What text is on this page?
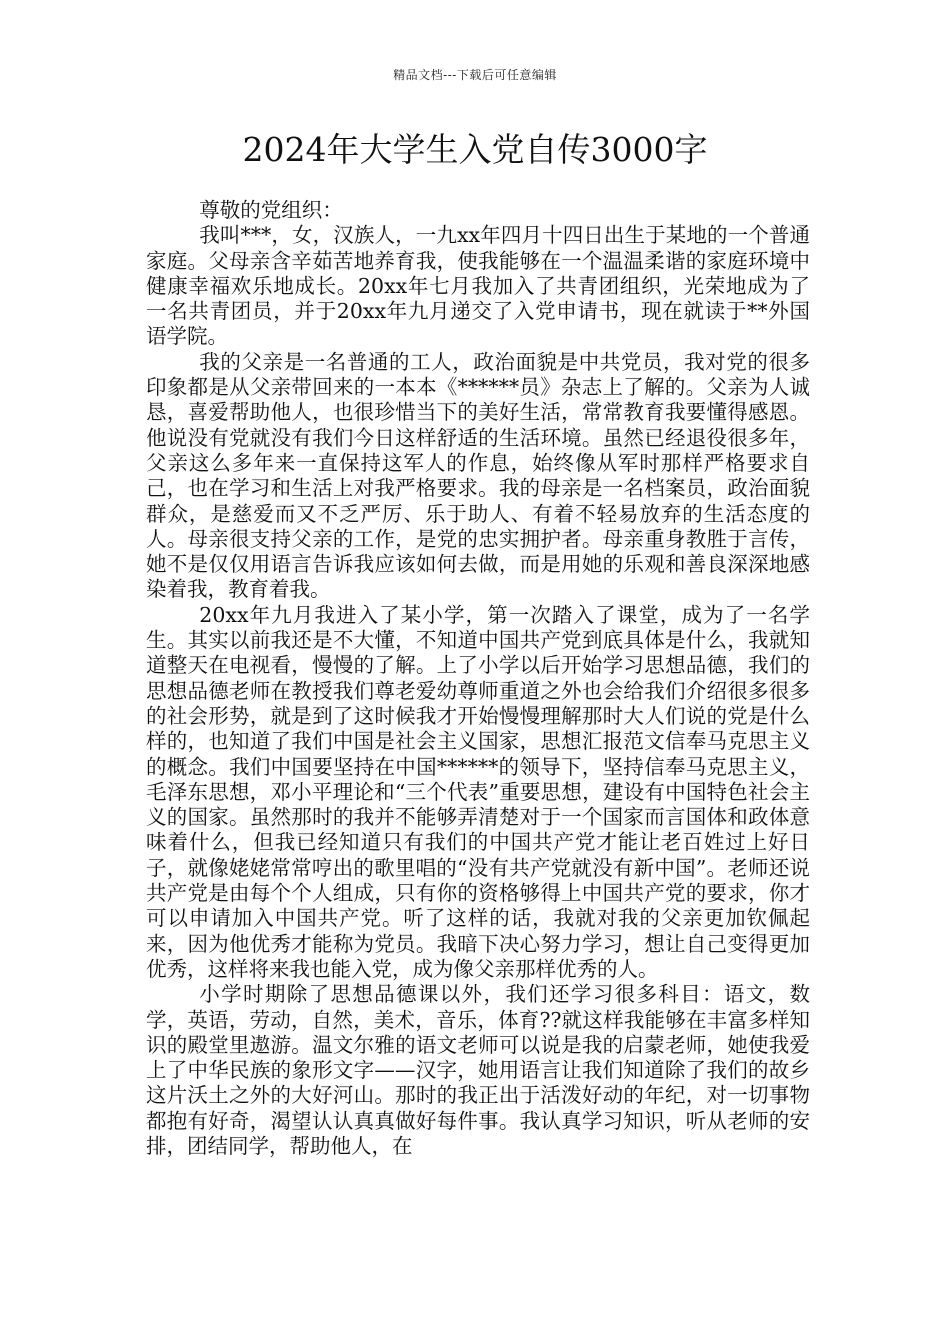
精品文档---下载后可任意编辑
2024年大学生入党自传3000字

尊敬的党组织：

我叫***，女，汉族人，一九xx年四月十四日出生于某地的一个普通家庭。父母亲含辛茹苦地养育我，使我能够在一个温温柔谐的家庭环境中健康幸福欢乐地成长。20xx年七月我加入了共青团组织，光荣地成为了一名共青团员，并于20xx年九月递交了入党申请书，现在就读于**外国语学院。

我的父亲是一名普通的工人，政治面貌是中共党员，我对党的很多印象都是从父亲带回来的一本本《******员》杂志上了解的。父亲为人诚恳，喜爱帮助他人，也很珍惜当下的美好生活，常常教育我要懂得感恩。他说没有党就没有我们今日这样舒适的生活环境。虽然已经退役很多年，父亲这么多年来一直保持这军人的作息，始终像从军时那样严格要求自己，也在学习和生活上对我严格要求。我的母亲是一名档案员，政治面貌群众，是慈爱而又不乏严厉、乐于助人、有着不轻易放弃的生活态度的人。母亲很支持父亲的工作，是党的忠实拥护者。母亲重身教胜于言传，她不是仅仅用语言告诉我应该如何去做，而是用她的乐观和善良深深地感染着我，教育着我。

20xx年九月我进入了某小学，第一次踏入了课堂，成为了一名学生。其实以前我还是不大懂，不知道中国共产党到底具体是什么，我就知道整天在电视看，慢慢的了解。上了小学以后开始学习思想品德，我们的思想品德老师在教授我们尊老爱幼尊师重道之外也会给我们介绍很多很多的社会形势，就是到了这时候我才开始慢慢理解那时大人们说的党是什么样的，也知道了我们中国是社会主义国家，思想汇报范文信奉马克思主义的概念。我们中国要坚持在中国******的领导下，坚持信奉马克思主义，毛泽东思想，邓小平理论和“三个代表”重要思想，建设有中国特色社会主义的国家。虽然那时的我并不能够弄清楚对于一个国家而言国体和政体意味着什么，但我已经知道只有我们的中国共产党才能让老百姓过上好日子，就像姥姥常常哼出的歌里唱的“没有共产党就没有新中国”。老师还说共产党是由每个个人组成，只有你的资格够得上中国共产党的要求，你才可以申请加入中国共产党。听了这样的话，我就对我的父亲更加钦佩起来，因为他优秀才能称为党员。我暗下决心努力学习，想让自己变得更加优秀，这样将来我也能入党，成为像父亲那样优秀的人。

小学时期除了思想品德课以外，我们还学习很多科目：语文，数学，英语，劳动，自然，美术，音乐，体育??就这样我能够在丰富多样知识的殿堂里遨游。温文尔雅的语文老师可以说是我的启蒙老师，她使我爱上了中华民族的象形文字——汉字，她用语言让我们知道除了我们的故乡这片沃土之外的大好河山。那时的我正出于活泼好动的年纪，对一切事物都抱有好奇，渴望认认真真做好每件事。我认真学习知识，听从老师的安排，团结同学，帮助他人，在
